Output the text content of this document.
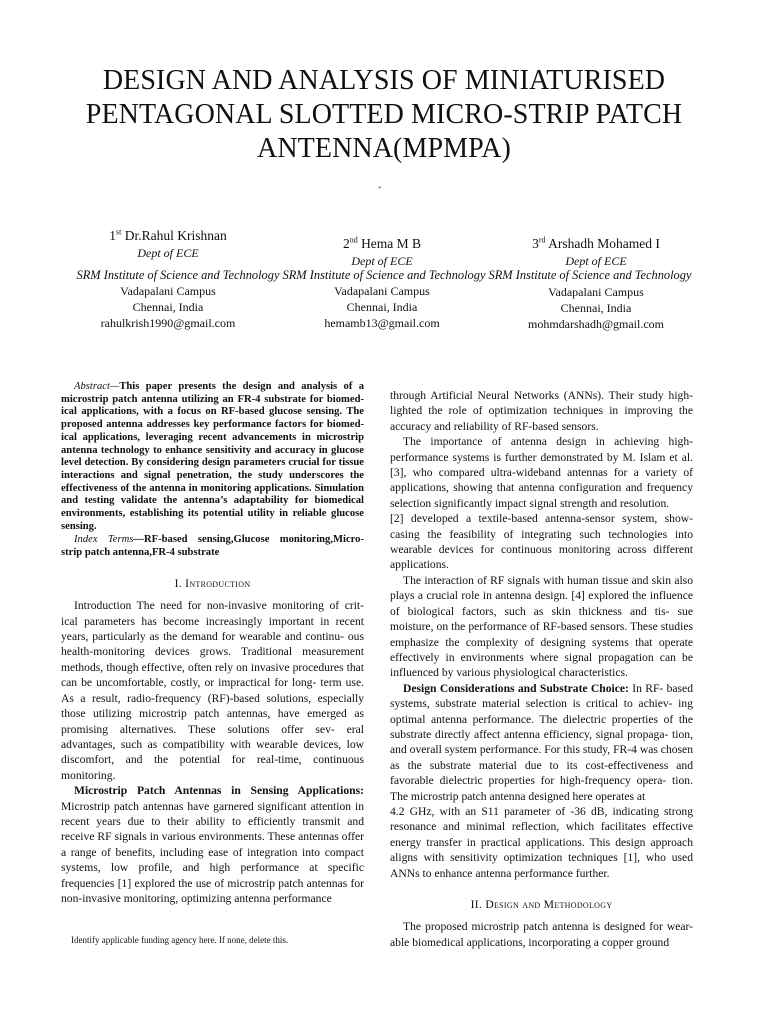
DESIGN AND ANALYSIS OF MINIATURISED
PENTAGONAL SLOTTED MICRO-STRIP PATCH
ANTENNA(MPMPA)
*
1st Dr.Rahul Krishnan
Dept of ECE
2nd Hema M B
Dept of ECE
3rd Arshadh Mohamed I
Dept of ECE
SRM Institute of Science and Technology SRM Institute of Science and Technology SRM Institute of Science and Technology
Vadapalani Campus
Chennai, India
rahulkrish1990@gmail.com
Vadapalani Campus
Chennai, India
hemamb13@gmail.com
Vadapalani Campus
Chennai, India
mohmdarshadh@gmail.com

Abstract—This paper presents the design and analysis of a microstrip patch antenna utilizing an FR-4 substrate for biomed- ical applications, with a focus on RF-based glucose sensing. The proposed antenna addresses key performance factors for biomed- ical applications, leveraging recent advancements in microstrip antenna technology to enhance sensitivity and accuracy in glucose level detection. By considering design parameters crucial for tissue interactions and signal penetration, the study underscores the effectiveness of the antenna in monitoring applications. Simulation and testing validate the antenna’s adaptability for biomedical environments, establishing its potential utility in reliable glucose sensing.

Index Terms—RF-based sensing,Glucose monitoring,Micro- strip patch antenna,FR-4 substrate

I. Introduction

Introduction The need for non-invasive monitoring of crit- ical parameters has become increasingly important in recent years, particularly as the demand for wearable and continu- ous health-monitoring devices grows. Traditional measurement methods, though effective, often rely on invasive procedures that can be uncomfortable, costly, or impractical for long- term use. As a result, radio-frequency (RF)-based solutions, especially those utilizing microstrip patch antennas, have emerged as promising alternatives. These solutions offer sev- eral advantages, such as compatibility with wearable devices, low discomfort, and the potential for real-time, continuous monitoring.

Microstrip Patch Antennas in Sensing Applications: Microstrip patch antennas have garnered significant attention in recent years due to their ability to efficiently transmit and receive RF signals in various environments. These antennas offer a range of benefits, including ease of integration into compact systems, low profile, and high performance at specific frequencies [1] explored the use of microstrip patch antennas for non-invasive monitoring, optimizing antenna performance

Identify applicable funding agency here. If none, delete this.

through Artificial Neural Networks (ANNs). Their study high- lighted the role of optimization techniques in improving the accuracy and reliability of RF-based sensors.

The importance of antenna design in achieving high- performance systems is further demonstrated by M. Islam et al. [3], who compared ultra-wideband antennas for a variety of applications, showing that antenna configuration and frequency selection significantly impact signal strength and resolution.

[2] developed a textile-based antenna-sensor system, show- casing the feasibility of integrating such technologies into wearable devices for continuous monitoring across different applications.

The interaction of RF signals with human tissue and skin also plays a crucial role in antenna design. [4] explored the influence of biological factors, such as skin thickness and tis- sue moisture, on the performance of RF-based sensors. These studies emphasize the complexity of designing systems that operate effectively in environments where signal propagation can be influenced by various physiological characteristics.

Design Considerations and Substrate Choice: In RF- based systems, substrate material selection is critical to achiev- ing optimal antenna performance. The dielectric properties of the substrate directly affect antenna efficiency, signal propaga- tion, and overall system performance. For this study, FR-4 was chosen as the substrate material due to its cost-effectiveness and favorable dielectric properties for high-frequency opera- tion. The microstrip patch antenna designed here operates at

4.2 GHz, with an S11 parameter of -36 dB, indicating strong resonance and minimal reflection, which facilitates effective energy transfer in practical applications. This design approach aligns with sensitivity optimization techniques [1], who used ANNs to enhance antenna performance further.

II. Design and Methodology

The proposed microstrip patch antenna is designed for wear- able biomedical applications, incorporating a copper ground
